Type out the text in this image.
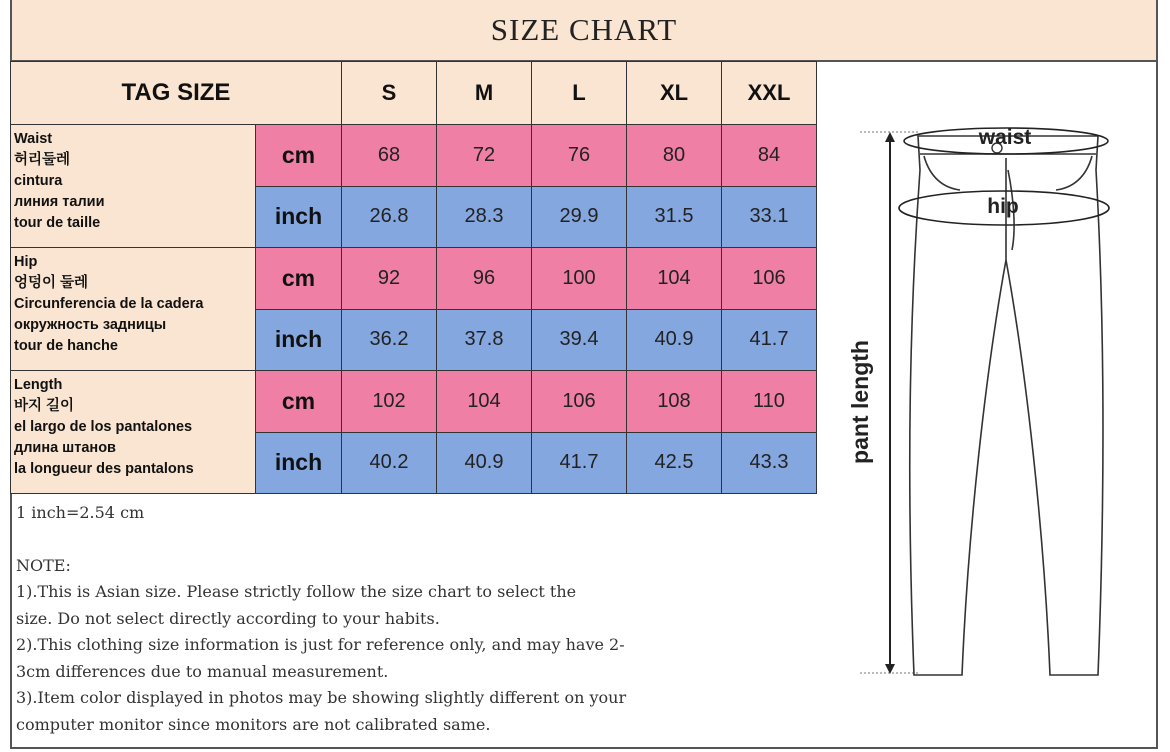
SIZE CHART
TAG SIZE		S	M	L	XL	XXL

Waist
허리둘레
cintura
линия талии
tour de taille	cm	68	72	76	80	84
	inch	26.8	28.3	29.9	31.5	33.1

Hip
엉덩이 둘레
Circunferencia de la cadera
окружность задницы
tour de hanche	cm	92	96	100	104	106
	inch	36.2	37.8	39.4	40.9	41.7

Length
바지 길이
el largo de los pantalones
длина штанов
la longueur des pantalons	cm	102	104	106	108	110
	inch	40.2	40.9	41.7	42.5	43.3
1 inch=2.54 cm
NOTE:
1).This is Asian size. Please strictly follow the size chart to select the
size. Do not select directly according to your habits.
2).This clothing size information is just for reference only, and may have 2-
3cm differences due to manual measurement.
3).Item color displayed in photos may be showing slightly different on your
computer monitor since monitors are not calibrated same.
pant length
waist
hip
